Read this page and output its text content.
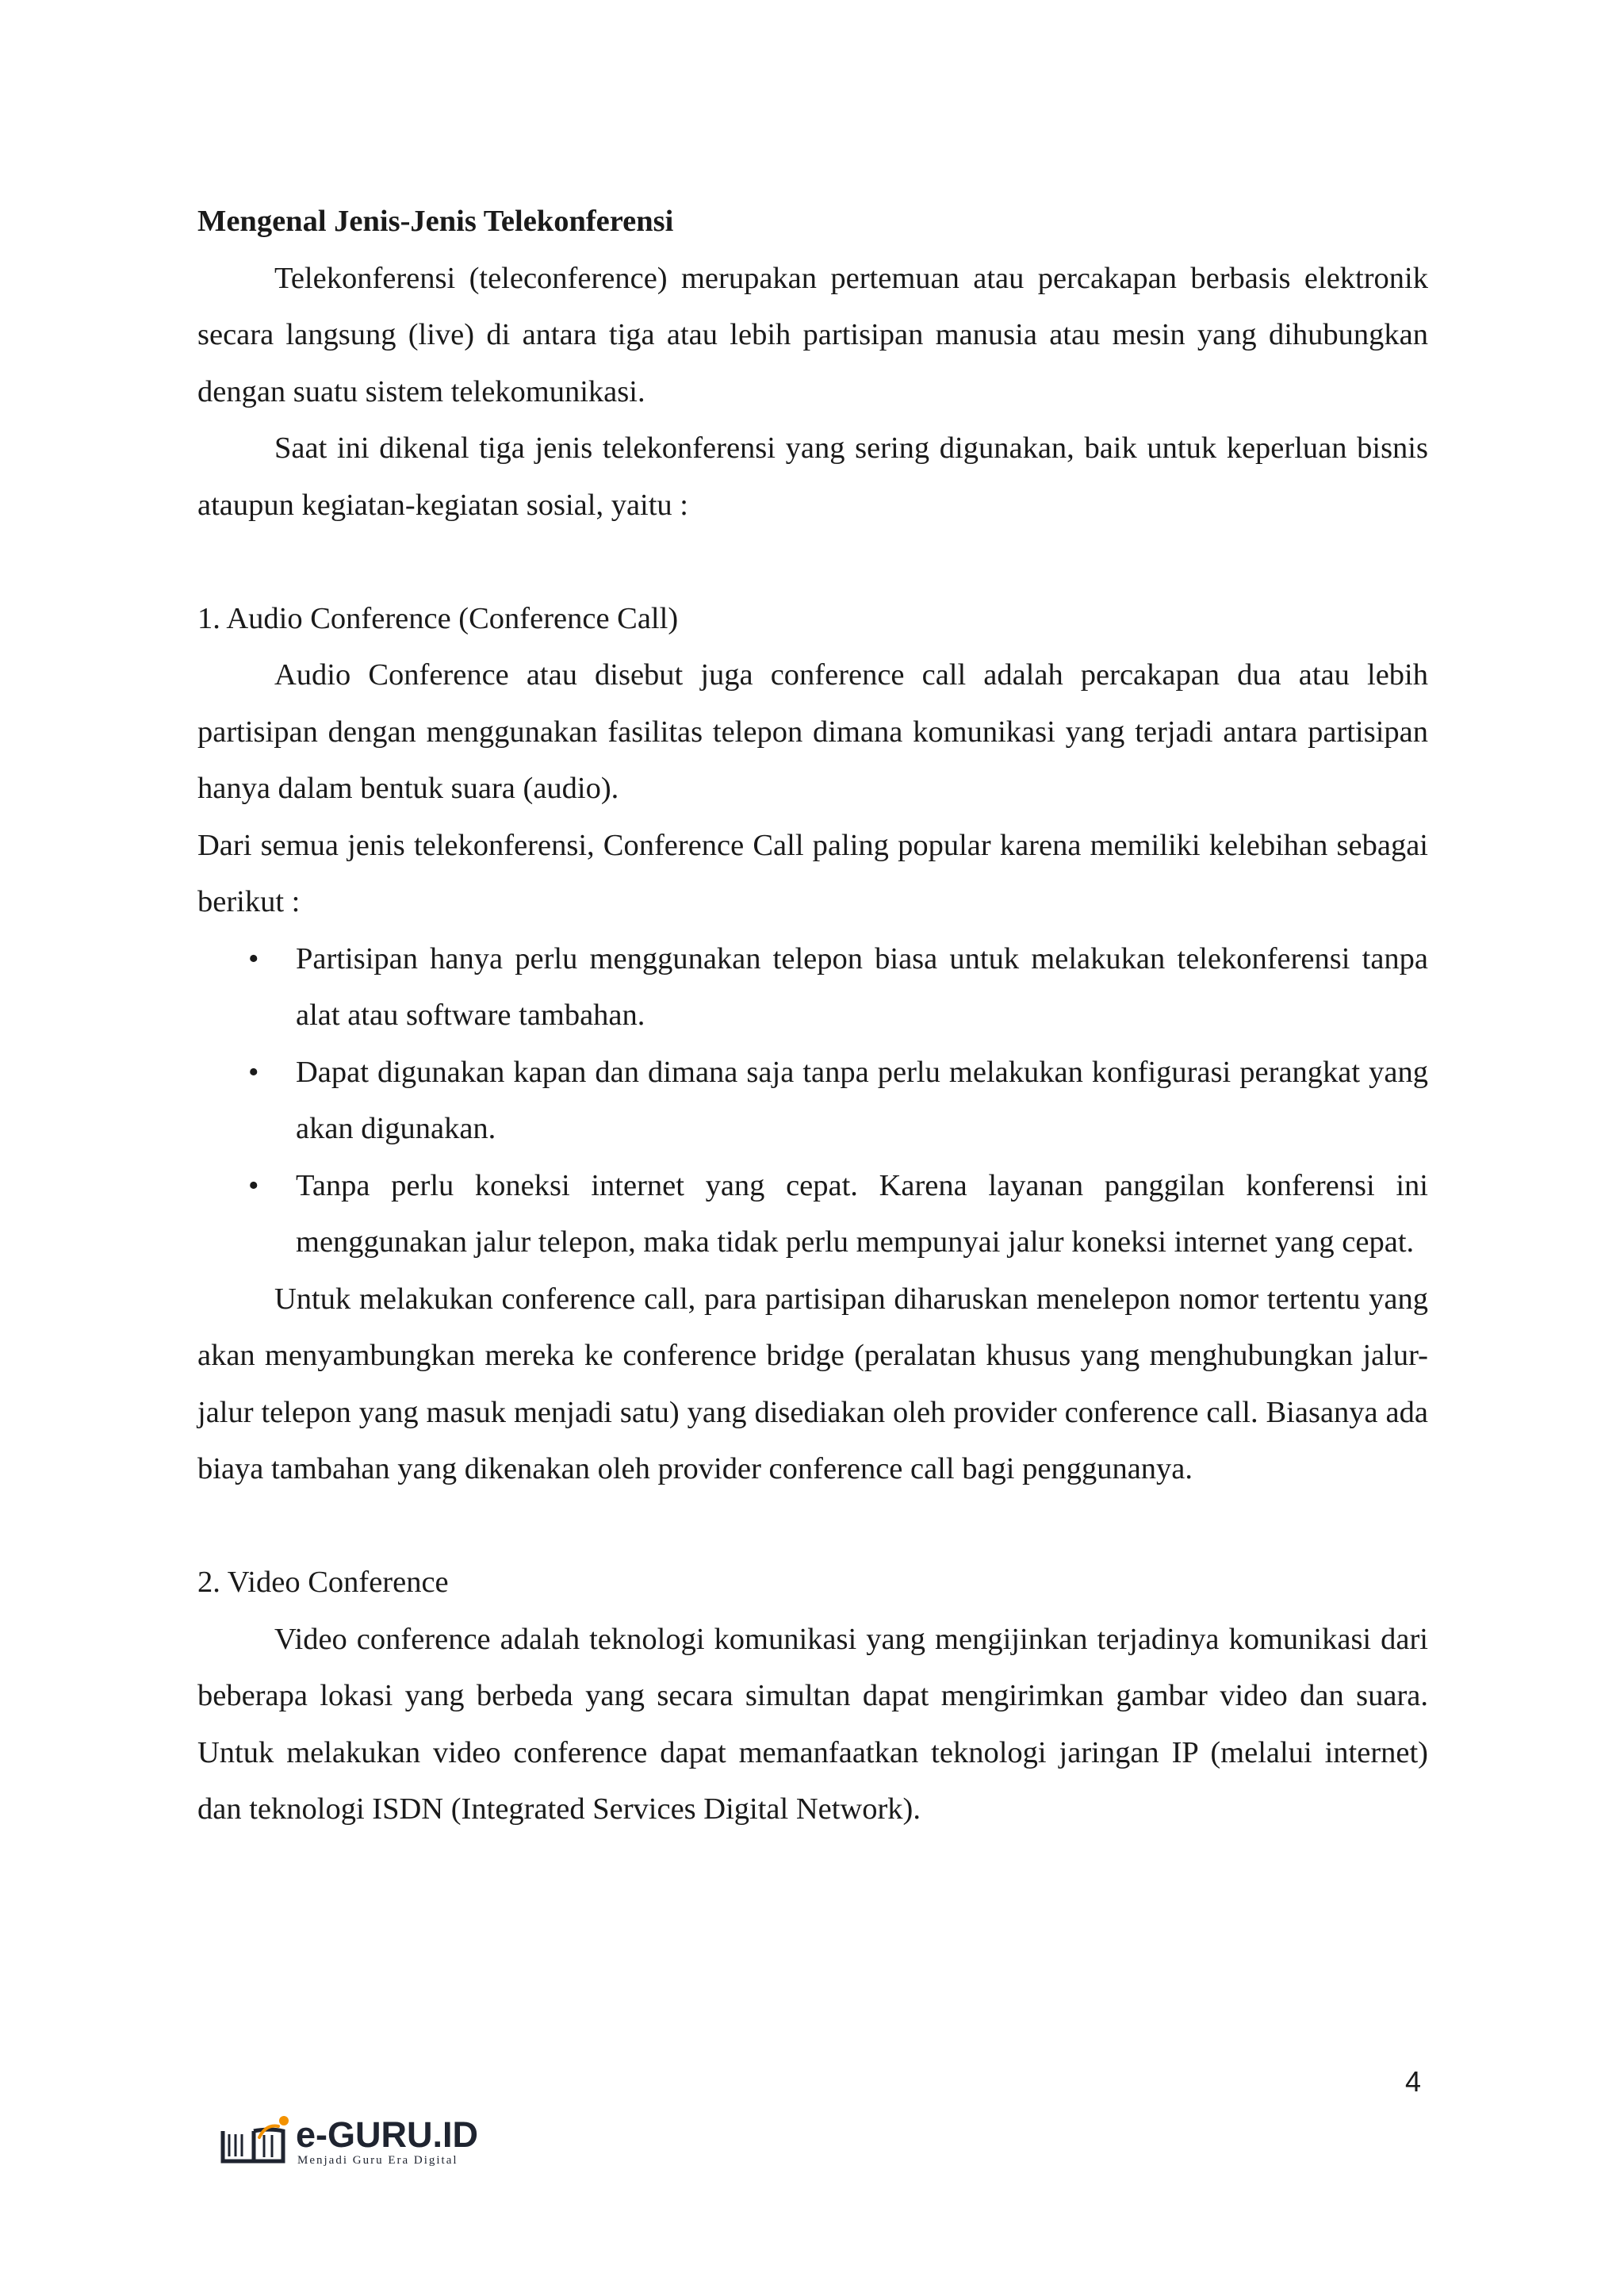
Mengenal Jenis-Jenis Telekonferensi

Telekonferensi (teleconference) merupakan pertemuan atau percakapan berbasis elektronik secara langsung (live) di antara tiga atau lebih partisipan manusia atau mesin yang dihubungkan dengan suatu sistem telekomunikasi.

Saat ini dikenal tiga jenis telekonferensi yang sering digunakan, baik untuk keperluan bisnis ataupun kegiatan-kegiatan sosial, yaitu :

1. Audio Conference (Conference Call)

Audio Conference atau disebut juga conference call adalah percakapan dua atau lebih partisipan dengan menggunakan fasilitas telepon dimana komunikasi yang terjadi antara partisipan hanya dalam bentuk suara (audio).

Dari semua jenis telekonferensi, Conference Call paling popular karena memiliki kelebihan sebagai berikut :

• Partisipan hanya perlu menggunakan telepon biasa untuk melakukan telekonferensi tanpa alat atau software tambahan.
• Dapat digunakan kapan dan dimana saja tanpa perlu melakukan konfigurasi perangkat yang akan digunakan.
• Tanpa perlu koneksi internet yang cepat. Karena layanan panggilan konferensi ini menggunakan jalur telepon, maka tidak perlu mempunyai jalur koneksi internet yang cepat.

Untuk melakukan conference call, para partisipan diharuskan menelepon nomor tertentu yang akan menyambungkan mereka ke conference bridge (peralatan khusus yang menghubungkan jalur-jalur telepon yang masuk menjadi satu) yang disediakan oleh provider conference call. Biasanya ada biaya tambahan yang dikenakan oleh provider conference call bagi penggunanya.

2. Video Conference

Video conference adalah teknologi komunikasi yang mengijinkan terjadinya komunikasi dari beberapa lokasi yang berbeda yang secara simultan dapat mengirimkan gambar video dan suara. Untuk melakukan video conference dapat memanfaatkan teknologi jaringan IP (melalui internet) dan teknologi ISDN (Integrated Services Digital Network).

4
e-GURU.ID
Menjadi Guru Era Digital
